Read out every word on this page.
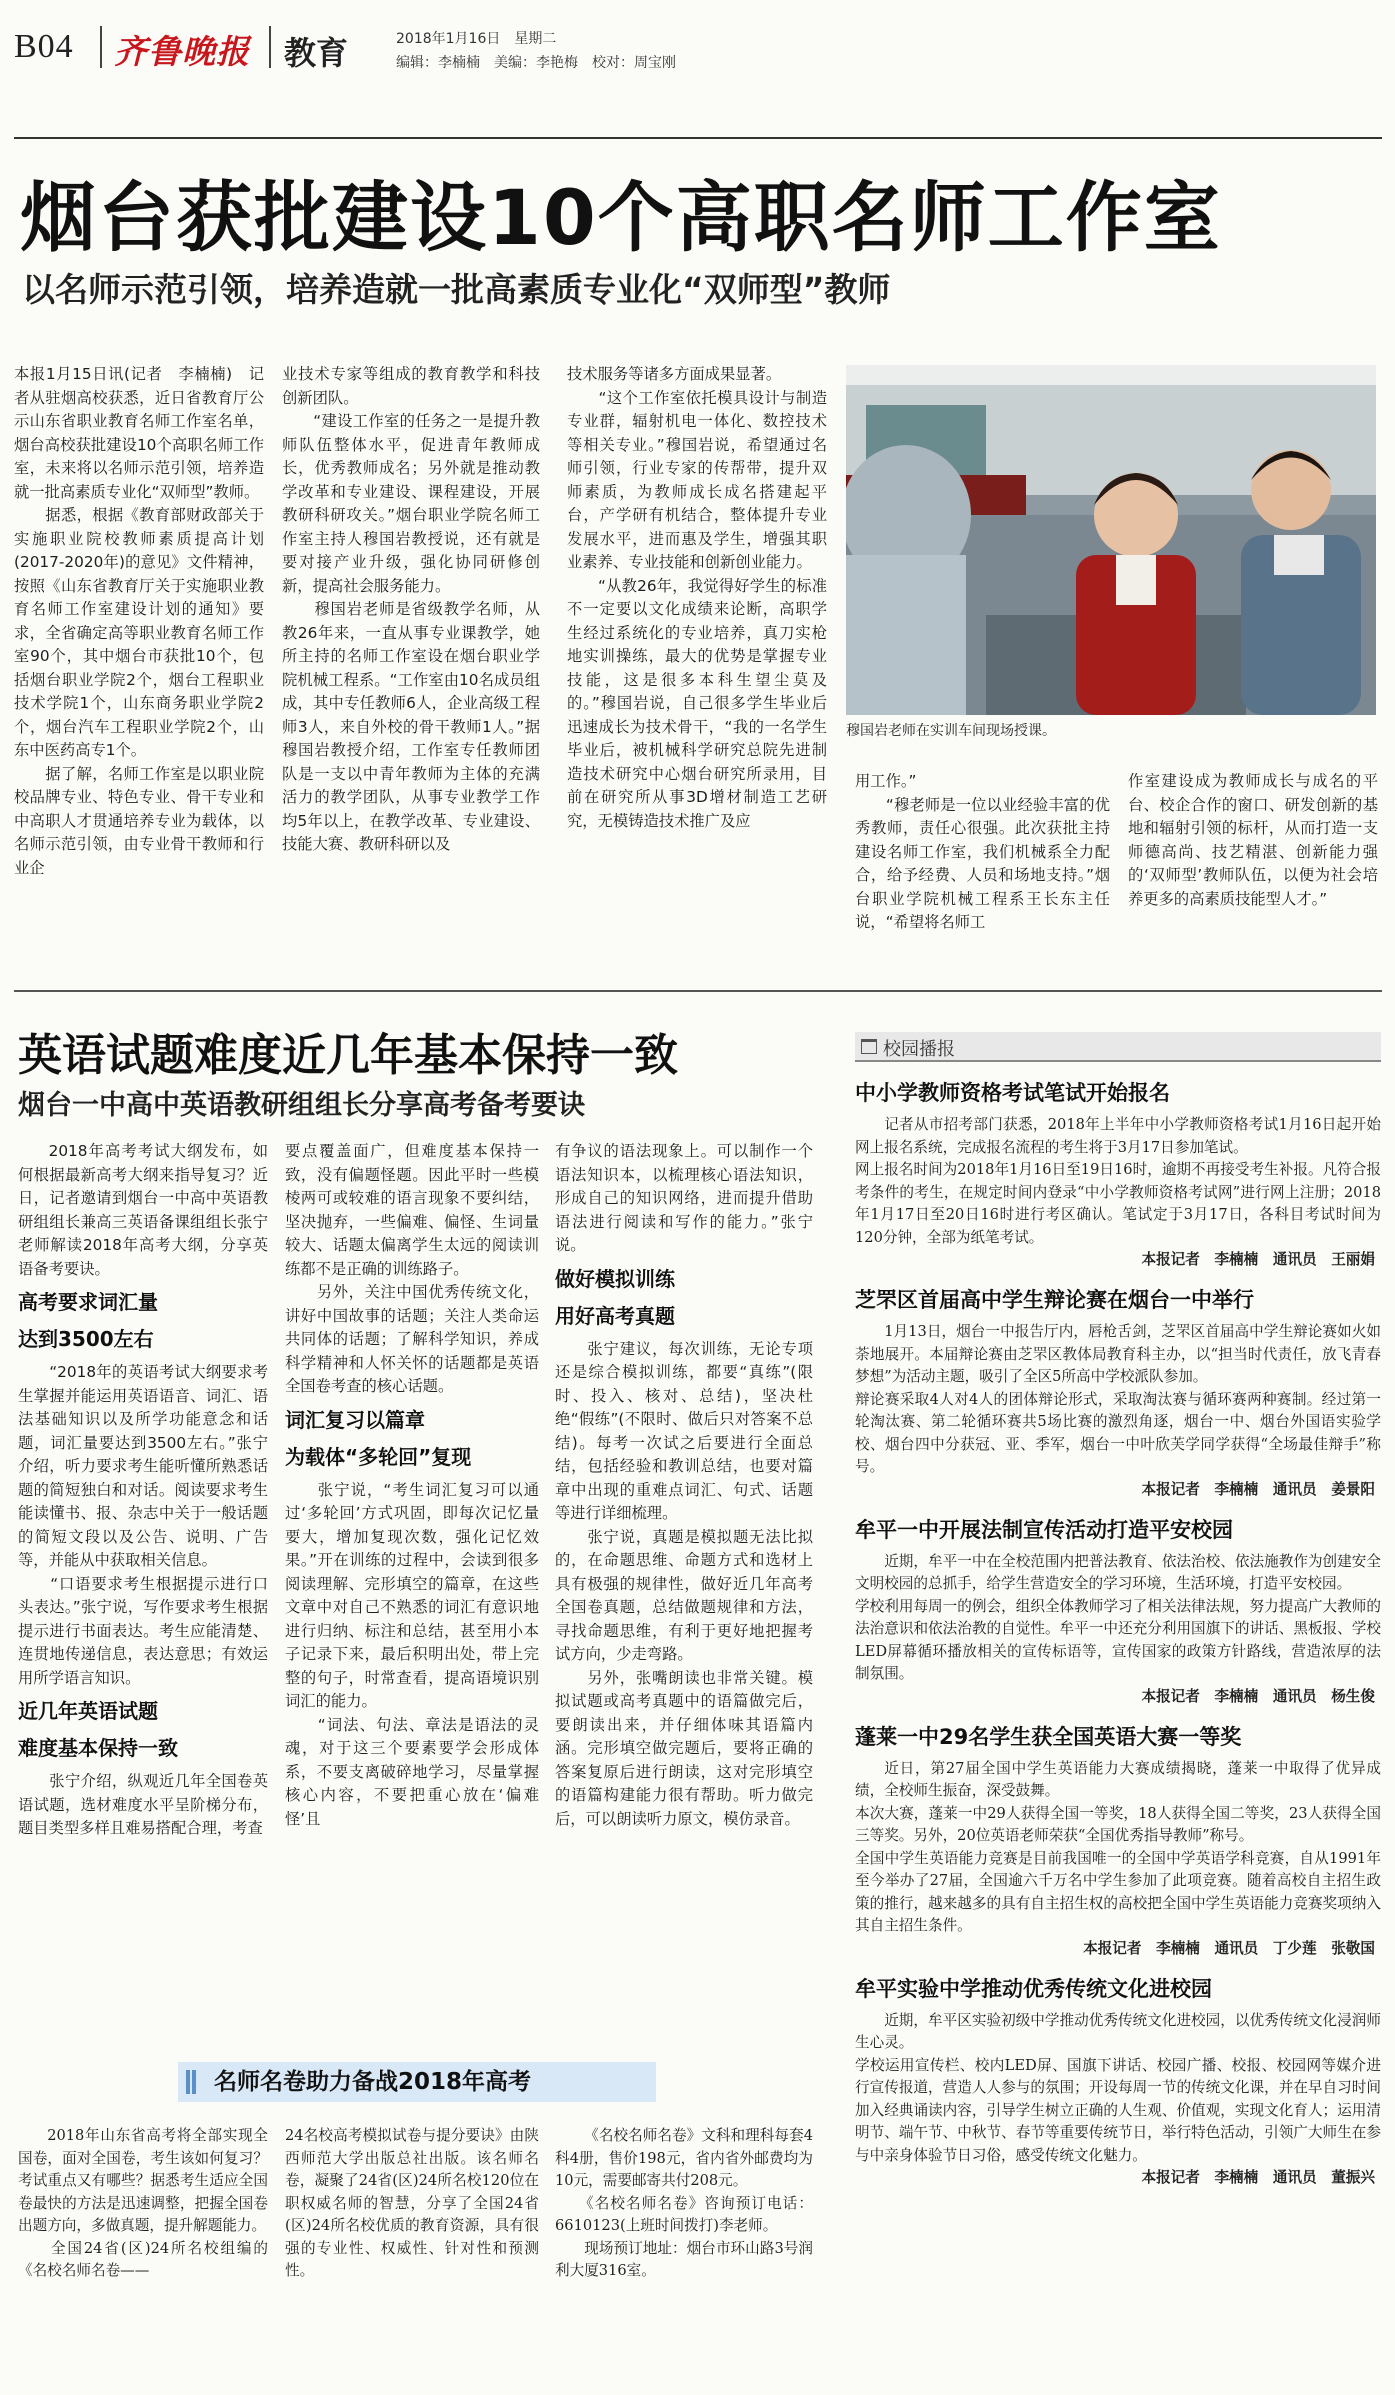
B04 齐鲁晚报 教育	2018年1月16日　星期二
编辑：李楠楠　美编：李艳梅　校对：周宝刚
烟台获批建设10个高职名师工作室
以名师示范引领，培养造就一批高素质专业化“双师型”教师

本报1月15日讯(记者　李楠楠)　记者从驻烟高校获悉，近日省教育厅公示山东省职业教育名师工作室名单，烟台高校获批建设10个高职名师工作室，未来将以名师示范引领，培养造就一批高素质专业化“双师型”教师。
　　据悉，根据《教育部财政部关于实施职业院校教师素质提高计划(2017-2020年)的意见》文件精神，按照《山东省教育厅关于实施职业教育名师工作室建设计划的通知》要求，全省确定高等职业教育名师工作室90个，其中烟台市获批10个，包括烟台职业学院2个，烟台工程职业技术学院1个，山东商务职业学院2个，烟台汽车工程职业学院2个，山东中医药高专1个。
　　据了解，名师工作室是以职业院校品牌专业、特色专业、骨干专业和中高职人才贯通培养专业为载体，以名师示范引领，由专业骨干教师和行业企

业技术专家等组成的教育教学和科技创新团队。
　　“建设工作室的任务之一是提升教师队伍整体水平，促进青年教师成长，优秀教师成名；另外就是推动教学改革和专业建设、课程建设，开展教研科研攻关。”烟台职业学院名师工作室主持人穆国岩教授说，还有就是要对接产业升级，强化协同研修创新，提高社会服务能力。
　　穆国岩老师是省级教学名师，从教26年来，一直从事专业课教学，她所主持的名师工作室设在烟台职业学院机械工程系。“工作室由10名成员组成，其中专任教师6人，企业高级工程师3人，来自外校的骨干教师1人。”据穆国岩教授介绍，工作室专任教师团队是一支以中青年教师为主体的充满活力的教学团队，从事专业教学工作均5年以上，在教学改革、专业建设、技能大赛、教研科研以及

技术服务等诸多方面成果显著。
　　“这个工作室依托模具设计与制造专业群，辐射机电一体化、数控技术等相关专业。”穆国岩说，希望通过名师引领，行业专家的传帮带，提升双师素质，为教师成长成名搭建起平台，产学研有机结合，整体提升专业发展水平，进而惠及学生，增强其职业素养、专业技能和创新创业能力。
　　“从教26年，我觉得好学生的标准不一定要以文化成绩来论断，高职学生经过系统化的专业培养，真刀实枪地实训操练，最大的优势是掌握专业技能，这是很多本科生望尘莫及的。”穆国岩说，自己很多学生毕业后迅速成长为技术骨干，“我的一名学生毕业后，被机械科学研究总院先进制造技术研究中心烟台研究所录用，目前在研究所从事3D增材制造工艺研究，无模铸造技术推广及应

穆国岩老师在实训车间现场授课。

用工作。”
　　“穆老师是一位以业经验丰富的优秀教师，责任心很强。此次获批主持建设名师工作室，我们机械系全力配合，给予经费、人员和场地支持。”烟台职业学院机械工程系王长东主任说，“希望将名师工

作室建设成为教师成长与成名的平台、校企合作的窗口、研发创新的基地和辐射引领的标杆，从而打造一支师德高尚、技艺精湛、创新能力强的‘双师型’教师队伍，以便为社会培养更多的高素质技能型人才。”

英语试题难度近几年基本保持一致
烟台一中高中英语教研组组长分享高考备考要诀

2018年高考考试大纲发布，如何根据最新高考大纲来指导复习？近日，记者邀请到烟台一中高中英语教研组组长兼高三英语备课组组长张宁老师解读2018年高考大纲，分享英语备考要诀。

高考要求词汇量
达到3500左右

　　“2018年的英语考试大纲要求考生掌握并能运用英语语音、词汇、语法基础知识以及所学功能意念和话题，词汇量要达到3500左右。”张宁介绍，听力要求考生能听懂所熟悉话题的简短独白和对话。阅读要求考生能读懂书、报、杂志中关于一般话题的简短文段以及公告、说明、广告等，并能从中获取相关信息。
　　“口语要求考生根据提示进行口头表达。”张宁说，写作要求考生根据提示进行书面表达。考生应能清楚、连贯地传递信息，表达意思；有效运用所学语言知识。

近几年英语试题
难度基本保持一致

　　张宁介绍，纵观近几年全国卷英语试题，选材难度水平呈阶梯分布，题目类型多样且难易搭配合理，考查

要点覆盖面广，但难度基本保持一致，没有偏题怪题。因此平时一些模棱两可或较难的语言现象不要纠结，坚决抛弃，一些偏难、偏怪、生词量较大、话题太偏离学生太远的阅读训练都不是正确的训练路子。
　　另外，关注中国优秀传统文化，讲好中国故事的话题；关注人类命运共同体的话题；了解科学知识，养成科学精神和人怀关怀的话题都是英语全国卷考查的核心话题。

词汇复习以篇章
为载体“多轮回”复现

　　张宁说，“考生词汇复习可以通过‘多轮回’方式巩固，即每次记忆量要大，增加复现次数，强化记忆效果。”开在训练的过程中，会读到很多阅读理解、完形填空的篇章，在这些文章中对自己不熟悉的词汇有意识地进行归纳、标注和总结，甚至用小本子记录下来，最后积明出处，带上完整的句子，时常查看，提高语境识别词汇的能力。
　　“词法、句法、章法是语法的灵魂，对于这三个要素要学会形成体系，不要支离破碎地学习，尽量掌握核心内容，不要把重心放在‘偏难怪’且

有争议的语法现象上。可以制作一个语法知识本，以梳理核心语法知识，形成自己的知识网络，进而提升借助语法进行阅读和写作的能力。”张宁说。

做好模拟训练
用好高考真题

　　张宁建议，每次训练，无论专项还是综合模拟训练，都要“真练”(限时、投入、核对、总结)，坚决杜绝“假练”(不限时、做后只对答案不总结)。每考一次试之后要进行全面总结，包括经验和教训总结，也要对篇章中出现的重难点词汇、句式、话题等进行详细梳理。
　　张宁说，真题是模拟题无法比拟的，在命题思维、命题方式和选材上具有极强的规律性，做好近几年高考全国卷真题，总结做题规律和方法，寻找命题思维，有利于更好地把握考试方向，少走弯路。
　　另外，张嘴朗读也非常关键。模拟试题或高考真题中的语篇做完后，要朗读出来，并仔细体味其语篇内涵。完形填空做完题后，要将正确的答案复原后进行朗读，这对完形填空的语篇构建能力很有帮助。听力做完后，可以朗读听力原文，模仿录音。

名师名卷助力备战2018年高考

2018年山东省高考将全部实现全国卷，面对全国卷，考生该如何复习？考试重点又有哪些？据悉考生适应全国卷最快的方法是迅速调整，把握全国卷出题方向，多做真题，提升解题能力。
　　全国24省(区)24所名校组编的《名校名师名卷——

24名校高考模拟试卷与提分要诀》由陕西师范大学出版总社出版。该名师名卷，凝聚了24省(区)24所名校120位在职权威名师的智慧，分享了全国24省(区)24所名校优质的教育资源，具有很强的专业性、权威性、针对性和预测性。

《名校名师名卷》文科和理科每套4科4册，售价198元，省内省外邮费均为10元，需要邮寄共付208元。
　　《名校名师名卷》咨询预订电话：6610123(上班时间拨打)李老师。
　　现场预订地址：烟台市环山路3号润利大厦316室。

校园播报
中小学教师资格考试笔试开始报名

记者从市招考部门获悉，2018年上半年中小学教师资格考试1月16日起开始网上报名系统，完成报名流程的考生将于3月17日参加笔试。
网上报名时间为2018年1月16日至19日16时，逾期不再接受考生补报。凡符合报考条件的考生，在规定时间内登录“中小学教师资格考试网”进行网上注册；2018年1月17日至20日16时进行考区确认。笔试定于3月17日，各科目考试时间为120分钟，全部为纸笔考试。

本报记者　李楠楠　通讯员　王丽娟
芝罘区首届高中学生辩论赛在烟台一中举行

1月13日，烟台一中报告厅内，唇枪舌剑，芝罘区首届高中学生辩论赛如火如荼地展开。本届辩论赛由芝罘区教体局教育科主办，以“担当时代责任，放飞青春梦想”为活动主题，吸引了全区5所高中学校派队参加。
辩论赛采取4人对4人的团体辩论形式，采取淘汰赛与循环赛两种赛制。经过第一轮淘汰赛、第二轮循环赛共5场比赛的激烈角逐，烟台一中、烟台外国语实验学校、烟台四中分获冠、亚、季军，烟台一中叶欣芙学同学获得“全场最佳辩手”称号。

本报记者　李楠楠　通讯员　姜景阳
牟平一中开展法制宣传活动打造平安校园

近期，牟平一中在全校范围内把普法教育、依法治校、依法施教作为创建安全文明校园的总抓手，给学生营造安全的学习环境，生活环境，打造平安校园。
学校利用每周一的例会，组织全体教师学习了相关法律法规，努力提高广大教师的法治意识和依法治教的自觉性。牟平一中还充分利用国旗下的讲话、黑板报、学校LED屏幕循环播放相关的宣传标语等，宣传国家的政策方针路线，营造浓厚的法制氛围。

本报记者　李楠楠　通讯员　杨生俊
蓬莱一中29名学生获全国英语大赛一等奖

近日，第27届全国中学生英语能力大赛成绩揭晓，蓬莱一中取得了优异成绩，全校师生振奋，深受鼓舞。
本次大赛，蓬莱一中29人获得全国一等奖，18人获得全国二等奖，23人获得全国三等奖。另外，20位英语老师荣获“全国优秀指导教师”称号。
全国中学生英语能力竞赛是目前我国唯一的全国中学英语学科竞赛，自从1991年至今举办了27届，全国逾六千万名中学生参加了此项竞赛。随着高校自主招生政策的推行，越来越多的具有自主招生权的高校把全国中学生英语能力竞赛奖项纳入其自主招生条件。

本报记者　李楠楠　通讯员　丁少莲　张敬国
牟平实验中学推动优秀传统文化进校园

近期，牟平区实验初级中学推动优秀传统文化进校园，以优秀传统文化浸润师生心灵。
学校运用宣传栏、校内LED屏、国旗下讲话、校园广播、校报、校园网等媒介进行宣传报道，营造人人参与的氛围；开设每周一节的传统文化课，并在早自习时间加入经典诵读内容，引导学生树立正确的人生观、价值观，实现文化育人；运用清明节、端午节、中秋节、春节等重要传统节日，举行特色活动，引领广大师生在参与中亲身体验节日习俗，感受传统文化魅力。

本报记者　李楠楠　通讯员　董振兴
